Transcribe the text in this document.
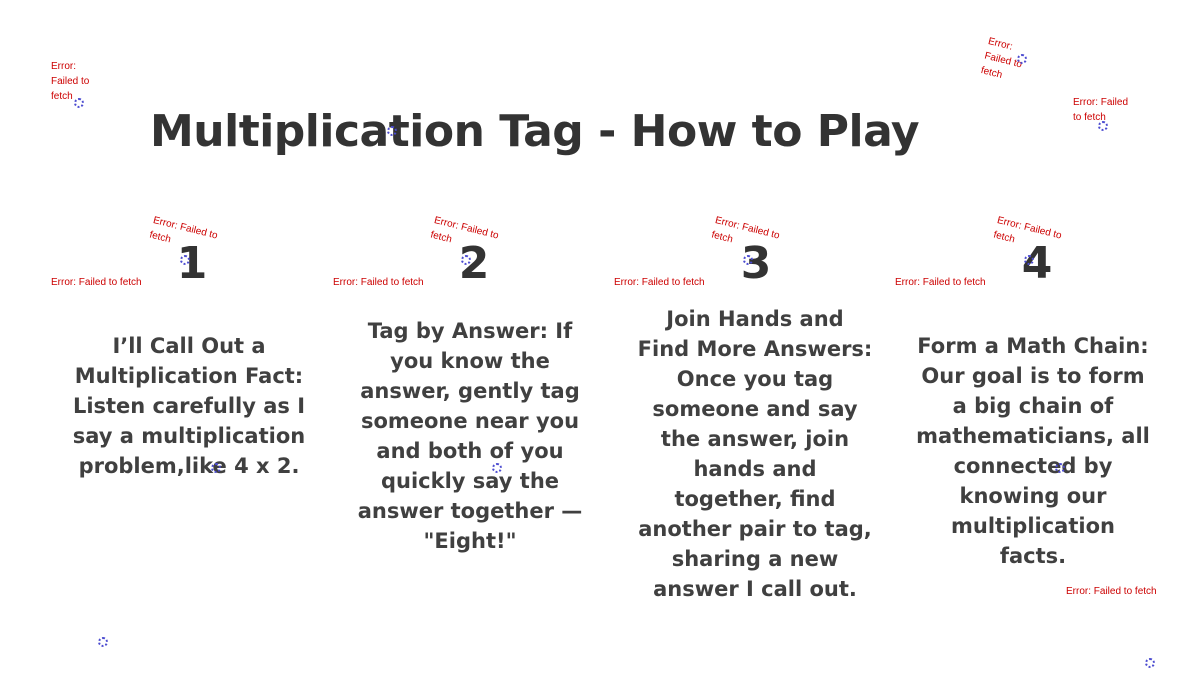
Error:
Failed to
fetch
Error:
Failed to
fetch
Error: Failed
to fetch
Error: Failed to fetch
Multiplication Tag - How to Play
Error: Failed to fetch
Error: Failed to fetch 1

I’ll Call Out a Multiplication Fact: Listen carefully as I say a multiplication problem,like 4 x 2.

Error: Failed to fetch
Error: Failed to fetch 2

Tag by Answer: If you know the answer, gently tag someone near you and both of you quickly say the answer together — "Eight!"

Error: Failed to fetch
Error: Failed to fetch 3

Join Hands and Find More Answers: Once you tag someone and say the answer, join hands and together, find another pair to tag, sharing a new answer I call out.

Error: Failed to fetch
Error: Failed to fetch 4

Form a Math Chain: Our goal is to form a big chain of mathematicians, all connected by knowing our multiplication facts.
